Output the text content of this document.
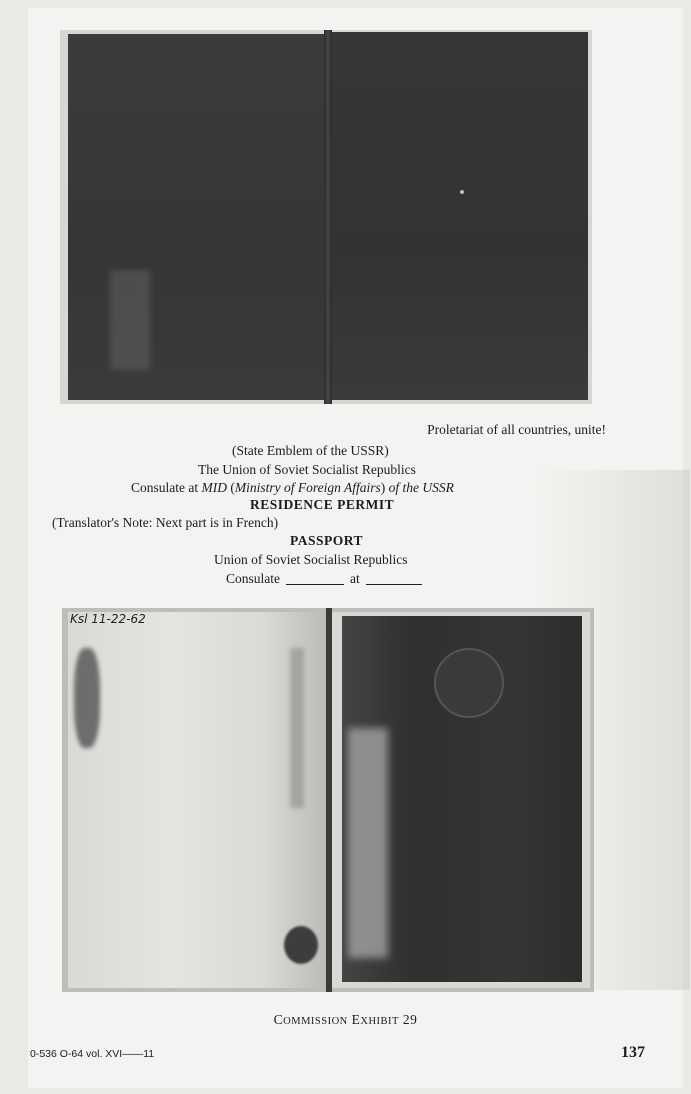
Proletariat of all countries, unite!
(State Emblem of the USSR)
The Union of Soviet Socialist Republics
Consulate at MID (Ministry of Foreign Affairs) of the USSR
RESIDENCE PERMIT
(Translator's Note: Next part is in French)
PASSPORT
Union of Soviet Socialist Republics
Consulate	at
Ksl 11-22-62
COMMISSION EXHIBIT 29
0-536 O-64 vol. XVI——11	137
